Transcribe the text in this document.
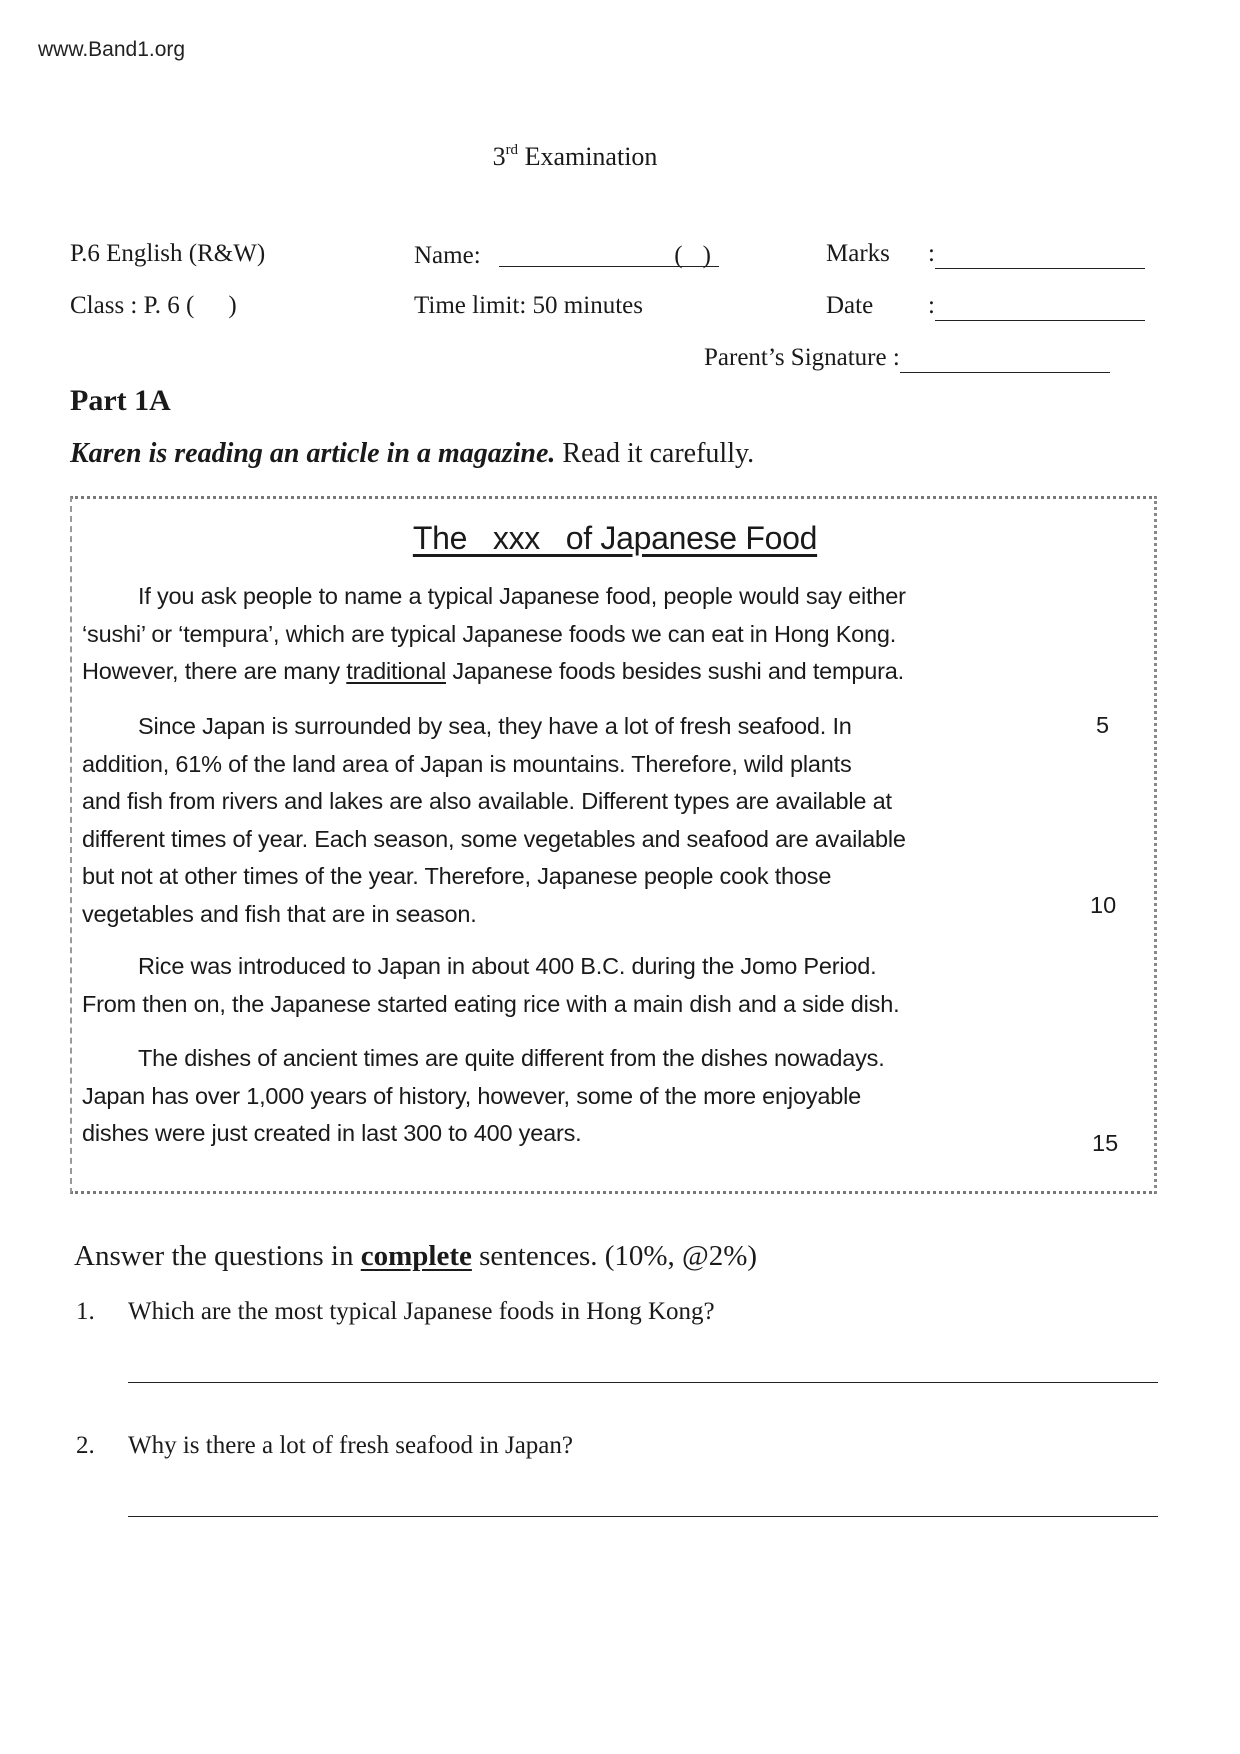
www.Band1.org
3rd Examination
P.6 English (R&W)	Name:	( )	Marks :
Class : P. 6 ( )	Time limit: 50 minutes	Date :
Parent’s Signature :
Part 1A
Karen is reading an article in a magazine. Read it carefully.
The   xxx   of Japanese Food
If you ask people to name a typical Japanese food, people would say either
‘sushi’ or ‘tempura’, which are typical Japanese foods we can eat in Hong Kong.
However, there are many traditional Japanese foods besides sushi and tempura.
Since Japan is surrounded by sea, they have a lot of fresh seafood. In
addition, 61% of the land area of Japan is mountains. Therefore, wild plants
and fish from rivers and lakes are also available. Different types are available at
different times of year. Each season, some vegetables and seafood are available
but not at other times of the year. Therefore, Japanese people cook those
vegetables and fish that are in season.
Rice was introduced to Japan in about 400 B.C. during the Jomo Period.
From then on, the Japanese started eating rice with a main dish and a side dish.
The dishes of ancient times are quite different from the dishes nowadays.
Japan has over 1,000 years of history, however, some of the more enjoyable
dishes were just created in last 300 to 400 years.
5
10
15
Answer the questions in complete sentences. (10%, @2%)
1. Which are the most typical Japanese foods in Hong Kong?
2. Why is there a lot of fresh seafood in Japan?
